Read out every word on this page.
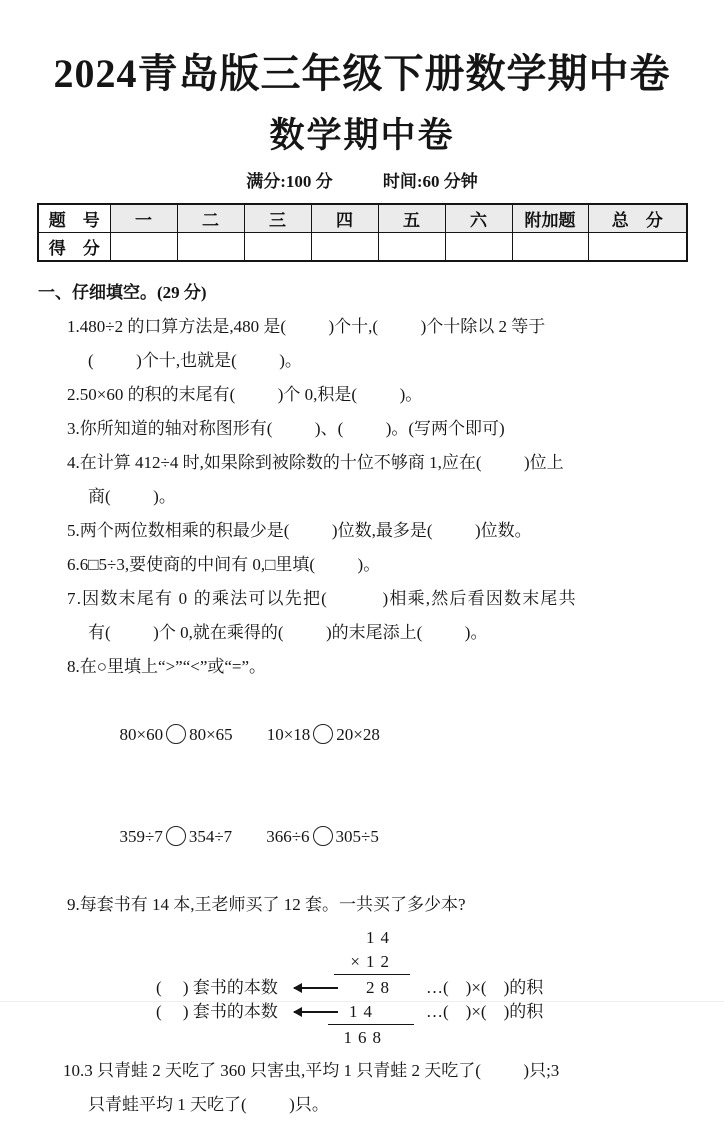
2024青岛版三年级下册数学期中卷
数学期中卷
满分:100 分	时间:60 分钟
题　号	一	二	三	四	五	六	附加题	总　分
得　分								
一、仔细填空。(29 分)
1.480÷2 的口算方法是,480 是(          )个十,(          )个十除以 2 等于
(          )个十,也就是(          )。
2.50×60 的积的末尾有(          )个 0,积是(          )。
3.你所知道的轴对称图形有(          )、(          )。(写两个即可)
4.在计算 412÷4 时,如果除到被除数的十位不够商 1,应在(          )位上
商(          )。
5.两个两位数相乘的积最少是(          )位数,最多是(          )位数。
6.6□5÷3,要使商的中间有 0,□里填(          )。
7.因数末尾有 0 的乘法可以先把(          )相乘,然后看因数末尾共
有(          )个 0,就在乘得的(          )的末尾添上(          )。
8.在○里填上“>”“<”或“=”。

80×60 80×65 10×18 20×28

359÷7 354÷7 366÷6 305÷5

9.每套书有 14 本,王老师买了 12 套。一共买了多少本?
14
×12
(     ) 套书的本数	28 …(    )×(    )的积
(     ) 套书的本数	14	…(    )×(    )的积
168
10.3 只青蛙 2 天吃了 360 只害虫,平均 1 只青蛙 2 天吃了(          )只;3
只青蛙平均 1 天吃了(          )只。
